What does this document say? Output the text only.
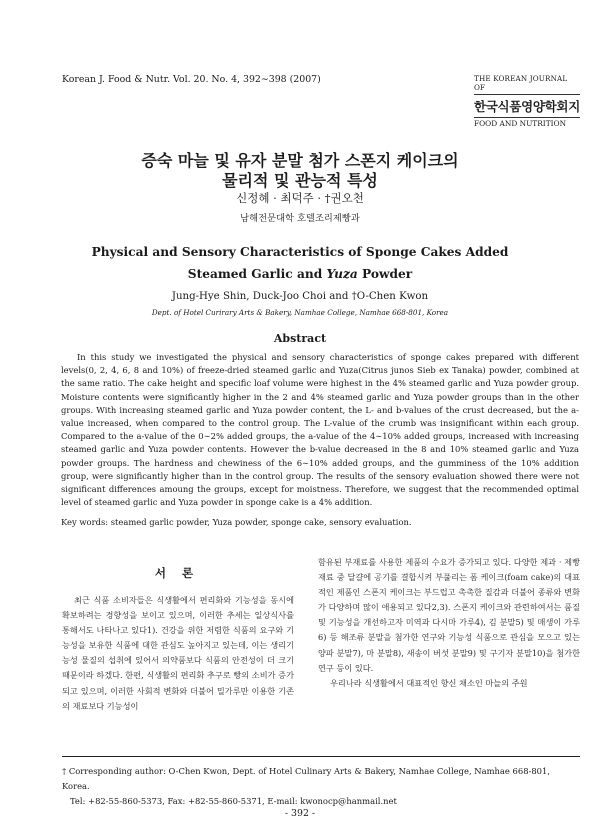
Korean J. Food & Nutr. Vol. 20. No. 4, 392∼398 (2007)	THE KOREAN JOURNAL OF
한국식품영양학회지
FOOD AND NUTRITION
증숙 마늘 및 유자 분말 첨가 스폰지 케이크의
물리적 및 관능적 특성
신정혜 · 최덕주 · †권오천
남해전문대학 호텔조리제빵과
Physical and Sensory Characteristics of Sponge Cakes Added
Steamed Garlic and Yuza Powder
Jung-Hye Shin, Duck-Joo Choi and †O-Chen Kwon
Dept. of Hotel Curirary Arts & Bakery, Namhae College, Namhae 668-801, Korea
Abstract
In this study we investigated the physical and sensory characteristics of sponge cakes prepared with different levels(0, 2, 4, 6, 8 and 10%) of freeze-dried steamed garlic and Yuza(Citrus junos Sieb ex Tanaka) powder, combined at the same ratio. The cake height and specific loaf volume were highest in the 4% steamed garlic and Yuza powder group. Moisture contents were significantly higher in the 2 and 4% steamed garlic and Yuza powder groups than in the other groups. With increasing steamed garlic and Yuza powder content, the L- and b-values of the crust decreased, but the a-value increased, when compared to the control group. The L-value of the crumb was insignificant within each group. Compared to the a-value of the 0∼2% added groups, the a-value of the 4∼10% added groups, increased with increasing steamed garlic and Yuza powder contents. However the b-value decreased in the 8 and 10% steamed garlic and Yuza powder groups. The hardness and chewiness of the 6∼10% added groups, and the gumminess of the 10% addition group, were significantly higher than in the control group. The results of the sensory evaluation showed there were not significant differences amoung the groups, except for moistness. Therefore, we suggest that the recommended optimal level of steamed garlic and Yuza powder in sponge cake is a 4% addition.
Key words: steamed garlic powder, Yuza powder, sponge cake, sensory evaluation.
서 론
최근 식품 소비자들은 식생활에서 편리화와 기능성을 동시에 확보하려는 경향성을 보이고 있으며, 이러한 추세는 일상식사를 통해서도 나타나고 있다1). 건강을 위한 저렴한 식품의 요구와 기능성을 보유한 식품에 대한 관심도 높아지고 있는데, 이는 생리기능성 물질의 섭취에 있어서 의약품보다 식품의 안전성이 더 크기 때문이라 하겠다. 한편, 식생활의 편리화 추구로 빵의 소비가 증가되고 있으며, 이러한 사회적 변화와 더불어 밀가루만 이용한 기존의 재료보다 기능성이
함유된 부재료를 사용한 제품의 수요가 증가되고 있다. 다양한 제과 · 제빵 재료 중 달걀에 공기를 결합시켜 부풀리는 폼 케이크(foam cake)의 대표적인 제품인 스폰지 케이크는 부드럽고 촉촉한 질감과 더불어 종류와 변화가 다양하며 많이 애용되고 있다2,3). 스폰지 케이크와 관련하여서는 품질 및 기능성을 개선하고자 미역과 다시마 가루4), 김 분말5) 및 매생이 가루6) 등 해조류 분말을 첨가한 연구와 기능성 식품으로 관심을 모으고 있는 양파 분말7), 마 분말8), 새송이 버섯 분말9) 및 구기자 분말10)을 첨가한 연구 등이 있다.
우리나라 식생활에서 대표적인 향신 채소인 마늘의 주원
† Corresponding author: O-Chen Kwon, Dept. of Hotel Culinary Arts & Bakery, Namhae College, Namhae 668-801, Korea.
Tel: +82-55-860-5373, Fax: +82-55-860-5371, E-mail: kwonocp@hanmail.net
- 392 -
